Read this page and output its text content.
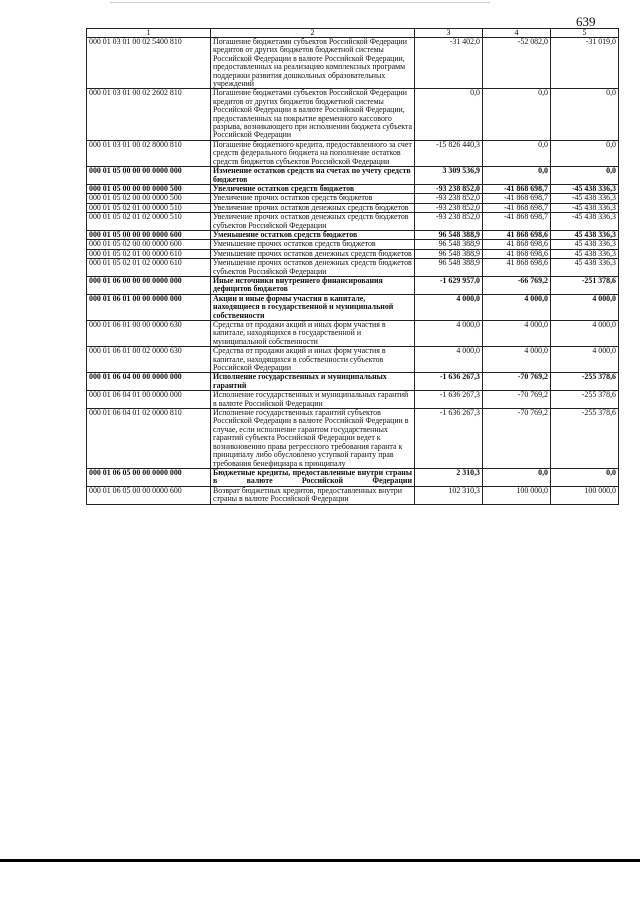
639
1	2	3	4	5
000 01 03 01 00 02 5400 810	Погашение бюджетами субъектов Российской Федерации кредитов от других бюджетов бюджетной системы Российской Федерации в валюте Российской Федерации, предоставленных на реализацию комплексных программ поддержки развития дошкольных образовательных учреждений	-31 402,0	-52 082,0	-31 019,0
000 01 03 01 00 02 2602 810	Погашение бюджетами субъектов Российской Федерации кредитов от других бюджетов бюджетной системы Российской Федерации в валюте Российской Федерации, предоставленных на покрытие временного кассового разрыва, возникающего при исполнении бюджета субъекта Российской Федерации	0,0	0,0	0,0
000 01 03 01 00 02 8000 810	Погашение бюджетного кредита, предоставленного за счет средств федерального бюджета на пополнение остатков средств бюджетов субъектов Российской Федерации	-15 826 440,3	0,0	0,0
000 01 05 00 00 00 0000 000	Изменение остатков средств на счетах по учету средств бюджетов	3 309 536,9	0,0	0,0
000 01 05 00 00 00 0000 500	Увеличение остатков средств бюджетов	-93 238 852,0	-41 868 698,7	-45 438 336,3
000 01 05 02 00 00 0000 500	Увеличение прочих остатков средств бюджетов	-93 238 852,0	-41 868 698,7	-45 438 336,3
000 01 05 02 01 00 0000 510	Увеличение прочих остатков денежных средств бюджетов	-93 238 852,0	-41 868 698,7	-45 438 336,3
000 01 05 02 01 02 0000 510	Увеличение прочих остатков денежных средств бюджетов субъектов Российской Федерации	-93 238 852,0	-41 868 698,7	-45 438 336,3
000 01 05 00 00 00 0000 600	Уменьшение остатков средств бюджетов	96 548 388,9	41 868 698,6	45 438 336,3
000 01 05 02 00 00 0000 600	Уменьшение прочих остатков средств бюджетов	96 548 388,9	41 868 698,6	45 438 336,3
000 01 05 02 01 00 0000 610	Уменьшение прочих остатков денежных средств бюджетов	96 548 388,9	41 868 698,6	45 438 336,3
000 01 05 02 01 02 0000 610	Уменьшение прочих остатков денежных средств бюджетов субъектов Российской Федерации	96 548 388,9	41 868 698,6	45 438 336,3
000 01 06 00 00 00 0000 000	Иные источники внутреннего финансирования дефицитов бюджетов	-1 629 957,0	-66 769,2	-251 378,6
000 01 06 01 00 00 0000 000	Акции и иные формы участия в капитале, находящиеся в государственной и муниципальной собственности	4 000,0	4 000,0	4 000,0
000 01 06 01 00 00 0000 630	Средства от продажи акций и иных форм участия в капитале, находящихся в государственной и муниципальной собственности	4 000,0	4 000,0	4 000,0
000 01 06 01 00 02 0000 630	Средства от продажи акций и иных форм участия в капитале, находящихся в собственности субъектов Российской Федерации	4 000,0	4 000,0	4 000,0
000 01 06 04 00 00 0000 000	Исполнение государственных и муниципальных гарантий	-1 636 267,3	-70 769,2	-255 378,6
000 01 06 04 01 00 0000 000	Исполнение государственных и муниципальных гарантий в валюте Российской Федерации	-1 636 267,3	-70 769,2	-255 378,6
000 01 06 04 01 02 0000 810	Исполнение государственных гарантий субъектов Российской Федерации в валюте Российской Федерации в случае, если исполнение гарантом государственных гарантий субъекта Российской Федерации ведет к возникновению права регрессного требования гаранта к принципалу либо обусловлено уступкой гаранту прав требования бенефициара к принципалу	-1 636 267,3	-70 769,2	-255 378,6
000 01 06 05 00 00 0000 000	Бюджетные кредиты, предоставленные внутри страны в валюте Российской Федерации	2 310,3	0,0	0,0
000 01 06 05 00 00 0000 600	Возврат бюджетных кредитов, предоставленных внутри страны в валюте Российской Федерации	102 310,3	100 000,0	100 000,0
